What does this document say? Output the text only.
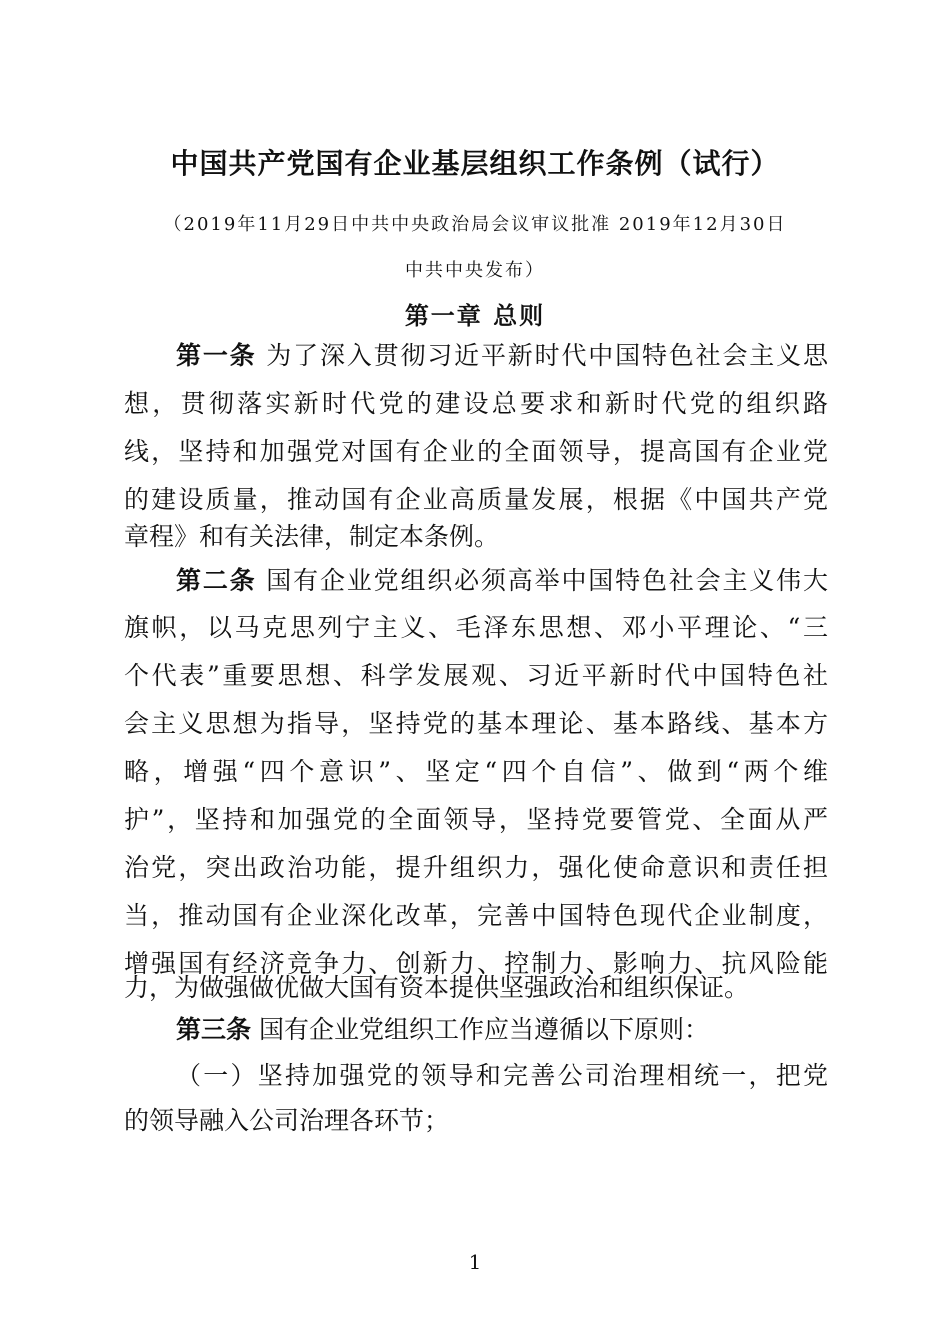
中国共产党国有企业基层组织工作条例（试行）
（2019年11月29日中共中央政治局会议审议批准 2019年12月30日
中共中央发布）
第一章 总则
第一条 为了深入贯彻习近平新时代中国特色社会主义思
想，贯彻落实新时代党的建设总要求和新时代党的组织路
线，坚持和加强党对国有企业的全面领导，提高国有企业党
的建设质量，推动国有企业高质量发展，根据《中国共产党
章程》和有关法律，制定本条例。
第二条 国有企业党组织必须高举中国特色社会主义伟大
旗帜，以马克思列宁主义、毛泽东思想、邓小平理论、“三
个代表”重要思想、科学发展观、习近平新时代中国特色社
会主义思想为指导，坚持党的基本理论、基本路线、基本方
略，增强“四个意识”、坚定“四个自信”、做到“两个维
护”，坚持和加强党的全面领导，坚持党要管党、全面从严
治党，突出政治功能，提升组织力，强化使命意识和责任担
当，推动国有企业深化改革，完善中国特色现代企业制度，
增强国有经济竞争力、创新力、控制力、影响力、抗风险能
力，为做强做优做大国有资本提供坚强政治和组织保证。
第三条 国有企业党组织工作应当遵循以下原则：
（一）坚持加强党的领导和完善公司治理相统一，把党
的领导融入公司治理各环节；
1
